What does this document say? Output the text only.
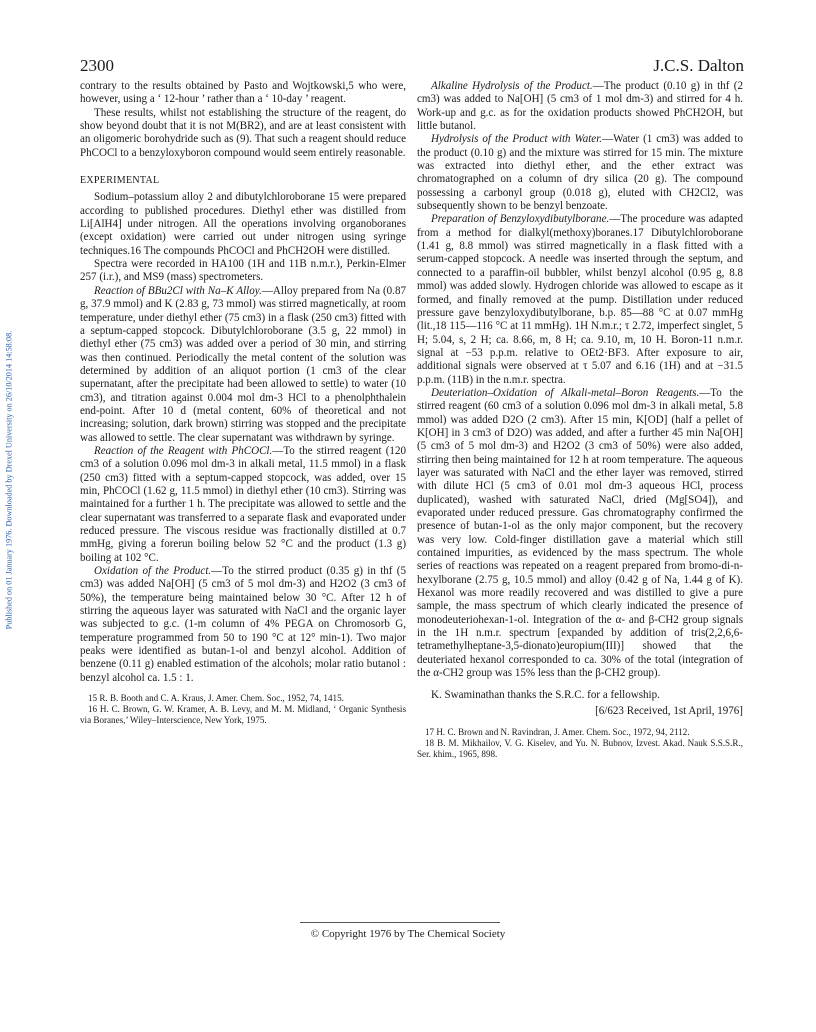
2300	J.C.S. Dalton
Published on 01 January 1976. Downloaded by Drexel University on 26/10/2014 14:58:08.

contrary to the results obtained by Pasto and Wojtkowski,5 who were, however, using a ‘ 12-hour ’ rather than a ‘ 10-day ’ reagent.

These results, whilst not establishing the structure of the reagent, do show beyond doubt that it is not M(BR2), and are at least consistent with an oligomeric borohydride such as (9). That such a reagent should reduce PhCOCl to a benzyloxyboron compound would seem entirely reasonable.

EXPERIMENTAL

Sodium–potassium alloy 2 and dibutylchloroborane 15 were prepared according to published procedures. Diethyl ether was distilled from Li[AlH4] under nitrogen. All the operations involving organoboranes (except oxidation) were carried out under nitrogen using syringe techniques.16 The compounds PhCOCl and PhCH2OH were distilled.

Spectra were recorded in HA100 (1H and 11B n.m.r.), Perkin-Elmer 257 (i.r.), and MS9 (mass) spectrometers.

Reaction of BBu2Cl with Na–K Alloy.—Alloy prepared from Na (0.87 g, 37.9 mmol) and K (2.83 g, 73 mmol) was stirred magnetically, at room temperature, under diethyl ether (75 cm3) in a flask (250 cm3) fitted with a septum-capped stopcock. Dibutylchloroborane (3.5 g, 22 mmol) in diethyl ether (75 cm3) was added over a period of 30 min, and stirring was then continued. Periodically the metal content of the solution was determined by addition of an aliquot portion (1 cm3 of the clear supernatant, after the precipitate had been allowed to settle) to water (10 cm3), and titration against 0.004 mol dm-3 HCl to a phenolphthalein end-point. After 10 d (metal content, 60% of theoretical and not increasing; solution, dark brown) stirring was stopped and the precipitate was allowed to settle. The clear supernatant was withdrawn by syringe.

Reaction of the Reagent with PhCOCl.—To the stirred reagent (120 cm3 of a solution 0.096 mol dm-3 in alkali metal, 11.5 mmol) in a flask (250 cm3) fitted with a septum-capped stopcock, was added, over 15 min, PhCOCl (1.62 g, 11.5 mmol) in diethyl ether (10 cm3). Stirring was maintained for a further 1 h. The precipitate was allowed to settle and the clear supernatant was transferred to a separate flask and evaporated under reduced pressure. The viscous residue was fractionally distilled at 0.7 mmHg, giving a forerun boiling below 52 °C and the product (1.3 g) boiling at 102 °C.

Oxidation of the Product.—To the stirred product (0.35 g) in thf (5 cm3) was added Na[OH] (5 cm3 of 5 mol dm-3) and H2O2 (3 cm3 of 50%), the temperature being maintained below 30 °C. After 12 h of stirring the aqueous layer was saturated with NaCl and the organic layer was subjected to g.c. (1-m column of 4% PEGA on Chromosorb G, temperature programmed from 50 to 190 °C at 12° min-1). Two major peaks were identified as butan-1-ol and benzyl alcohol. Addition of benzene (0.11 g) enabled estimation of the alcohols; molar ratio butanol : benzyl alcohol ca. 1.5 : 1.

15 R. B. Booth and C. A. Kraus, J. Amer. Chem. Soc., 1952, 74, 1415.

16 H. C. Brown, G. W. Kramer, A. B. Levy, and M. M. Midland, ‘ Organic Synthesis via Boranes,’ Wiley–Interscience, New York, 1975.

Alkaline Hydrolysis of the Product.—The product (0.10 g) in thf (2 cm3) was added to Na[OH] (5 cm3 of 1 mol dm-3) and stirred for 4 h. Work-up and g.c. as for the oxidation products showed PhCH2OH, but little butanol.

Hydrolysis of the Product with Water.—Water (1 cm3) was added to the product (0.10 g) and the mixture was stirred for 15 min. The mixture was extracted into diethyl ether, and the ether extract was chromatographed on a column of dry silica (20 g). The compound possessing a carbonyl group (0.018 g), eluted with CH2Cl2, was subsequently shown to be benzyl benzoate.

Preparation of Benzyloxydibutylborane.—The procedure was adapted from a method for dialkyl(methoxy)boranes.17 Dibutylchloroborane (1.41 g, 8.8 mmol) was stirred magnetically in a flask fitted with a serum-capped stopcock. A needle was inserted through the septum, and connected to a paraffin-oil bubbler, whilst benzyl alcohol (0.95 g, 8.8 mmol) was added slowly. Hydrogen chloride was allowed to escape as it formed, and finally removed at the pump. Distillation under reduced pressure gave benzyloxydibutylborane, b.p. 85—88 °C at 0.07 mmHg (lit.,18 115—116 °C at 11 mmHg). 1H N.m.r.; τ 2.72, imperfect singlet, 5 H; 5.04, s, 2 H; ca. 8.66, m, 8 H; ca. 9.10, m, 10 H. Boron-11 n.m.r. signal at −53 p.p.m. relative to OEt2·BF3. After exposure to air, additional signals were observed at τ 5.07 and 6.16 (1H) and at −31.5 p.p.m. (11B) in the n.m.r. spectra.

Deuteriation–Oxidation of Alkali-metal–Boron Reagents.—To the stirred reagent (60 cm3 of a solution 0.096 mol dm-3 in alkali metal, 5.8 mmol) was added D2O (2 cm3). After 15 min, K[OD] (half a pellet of K[OH] in 3 cm3 of D2O) was added, and after a further 45 min Na[OH] (5 cm3 of 5 mol dm-3) and H2O2 (3 cm3 of 50%) were also added, stirring then being maintained for 12 h at room temperature. The aqueous layer was saturated with NaCl and the ether layer was removed, stirred with dilute HCl (5 cm3 of 0.01 mol dm-3 aqueous HCl, process duplicated), washed with saturated NaCl, dried (Mg[SO4]), and evaporated under reduced pressure. Gas chromatography confirmed the presence of butan-1-ol as the only major component, but the recovery was very low. Cold-finger distillation gave a material which still contained impurities, as evidenced by the mass spectrum. The whole series of reactions was repeated on a reagent prepared from bromo-di-n-hexylborane (2.75 g, 10.5 mmol) and alloy (0.42 g of Na, 1.44 g of K). Hexanol was more readily recovered and was distilled to give a pure sample, the mass spectrum of which clearly indicated the presence of monodeuteriohexan-1-ol. Integration of the α- and β-CH2 group signals in the 1H n.m.r. spectrum [expanded by addition of tris(2,2,6,6-tetramethylheptane-3,5-dionato)europium(III)] showed that the deuteriated hexanol corresponded to ca. 30% of the total (integration of the α-CH2 group was 15% less than the β-CH2 group).

K. Swaminathan thanks the S.R.C. for a fellowship.

[6/623 Received, 1st April, 1976]

17 H. C. Brown and N. Ravindran, J. Amer. Chem. Soc., 1972, 94, 2112.

18 B. M. Mikhailov, V. G. Kiselev, and Yu. N. Bubnov, Izvest. Akad. Nauk S.S.S.R., Ser. khim., 1965, 898.

© Copyright 1976 by The Chemical Society
